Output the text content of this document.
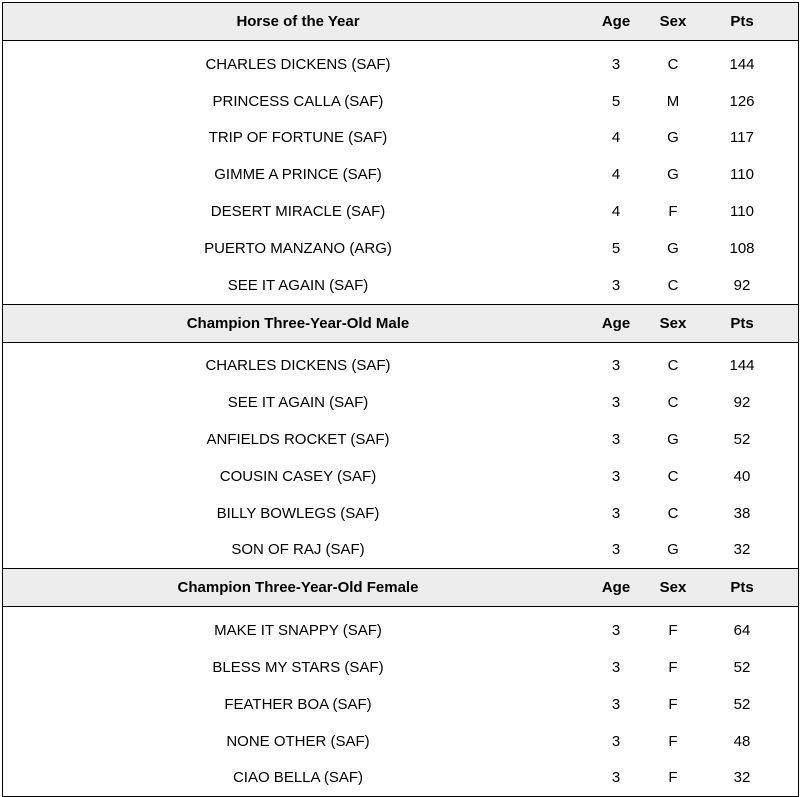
Horse of the Year	Age	Sex	Pts
CHARLES DICKENS (SAF)	3	C	144
PRINCESS CALLA (SAF)	5	M	126
TRIP OF FORTUNE (SAF)	4	G	117
GIMME A PRINCE (SAF)	4	G	110
DESERT MIRACLE (SAF)	4	F	110
PUERTO MANZANO (ARG)	5	G	108
SEE IT AGAIN (SAF)	3	C	92
Champion Three-Year-Old Male	Age	Sex	Pts
CHARLES DICKENS (SAF)	3	C	144
SEE IT AGAIN (SAF)	3	C	92
ANFIELDS ROCKET (SAF)	3	G	52
COUSIN CASEY (SAF)	3	C	40
BILLY BOWLEGS (SAF)	3	C	38
SON OF RAJ (SAF)	3	G	32
Champion Three-Year-Old Female	Age	Sex	Pts
MAKE IT SNAPPY (SAF)	3	F	64
BLESS MY STARS (SAF)	3	F	52
FEATHER BOA (SAF)	3	F	52
NONE OTHER (SAF)	3	F	48
CIAO BELLA (SAF)	3	F	32
